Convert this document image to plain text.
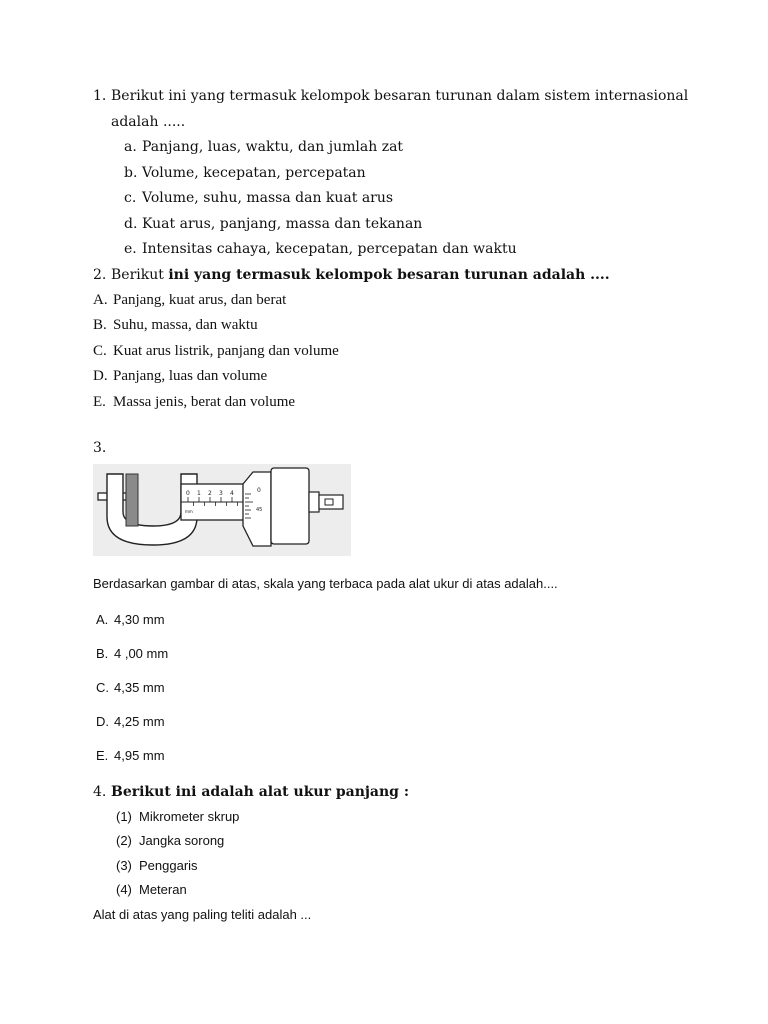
1. Berikut ini yang termasuk kelompok besaran turunan dalam sistem internasional
adalah .....
a. Panjang, luas, waktu, dan jumlah zat
b. Volume, kecepatan, percepatan
c. Volume, suhu, massa dan kuat arus
d. Kuat arus, panjang, massa dan tekanan
e. Intensitas cahaya, kecepatan, percepatan dan waktu
2. Berikut ini yang termasuk kelompok besaran turunan adalah ....
A. Panjang, kuat arus, dan berat
B. Suhu, massa, dan waktu
C. Kuat arus listrik, panjang dan volume
D. Panjang, luas dan volume
E. Massa jenis, berat dan volume
3.
0 1 2 3 4
mm
0
45
Berdasarkan gambar di atas, skala yang terbaca pada alat ukur di atas adalah....
A. 4,30 mm
B. 4 ,00 mm
C. 4,35 mm
D. 4,25 mm
E. 4,95 mm
4. Berikut ini adalah alat ukur panjang :
(1) Mikrometer skrup
(2) Jangka sorong
(3) Penggaris
(4) Meteran
Alat di atas yang paling teliti adalah ...
